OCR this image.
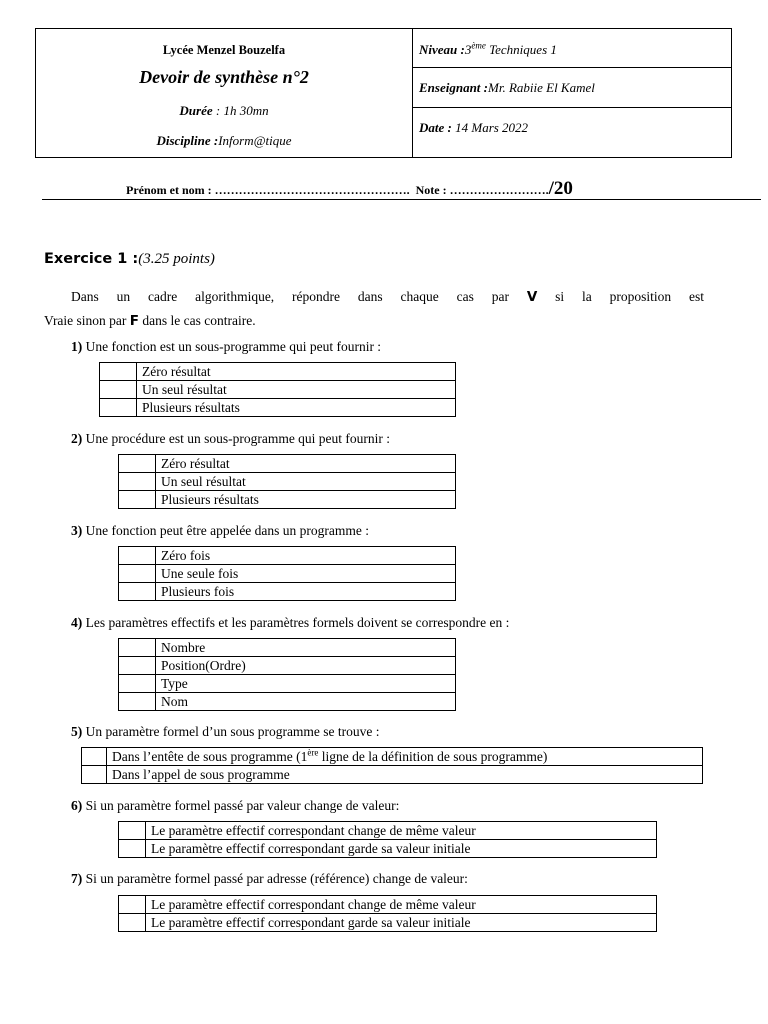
Lycée Menzel Bouzelfa
Devoir de synthèse n°2
Durée : 1h 30mn
Discipline :Inform@tique
Niveau :3ème Techniques 1
Enseignant :Mr. Rabiie El Kamel
Date : 14 Mars 2022
Prénom et nom : …………………………………………. Note : ……………………./20
Exercice 1 :(3.25 points)
Dans un cadre algorithmique, répondre dans chaque cas par V si la proposition est
Vraie sinon par F dans le cas contraire.
1) Une fonction est un sous-programme qui peut fournir :
	Zéro résultat
	Un seul résultat
	Plusieurs résultats
2) Une procédure est un sous-programme qui peut fournir :
	Zéro résultat
	Un seul résultat
	Plusieurs résultats
3) Une fonction peut être appelée dans un programme :
	Zéro fois
	Une seule fois
	Plusieurs fois
4) Les paramètres effectifs et les paramètres formels doivent se correspondre en :
	Nombre
	Position(Ordre)
	Type
	Nom
5) Un paramètre formel d’un sous programme se trouve :
	Dans l’entête de sous programme (1ère ligne de la définition de sous programme)
	Dans l’appel de sous programme
6) Si un paramètre formel passé par valeur change de valeur:
	Le paramètre effectif correspondant change de même valeur
	Le paramètre effectif correspondant garde sa valeur initiale
7) Si un paramètre formel passé par adresse (référence) change de valeur:
	Le paramètre effectif correspondant change de même valeur
	Le paramètre effectif correspondant garde sa valeur initiale
